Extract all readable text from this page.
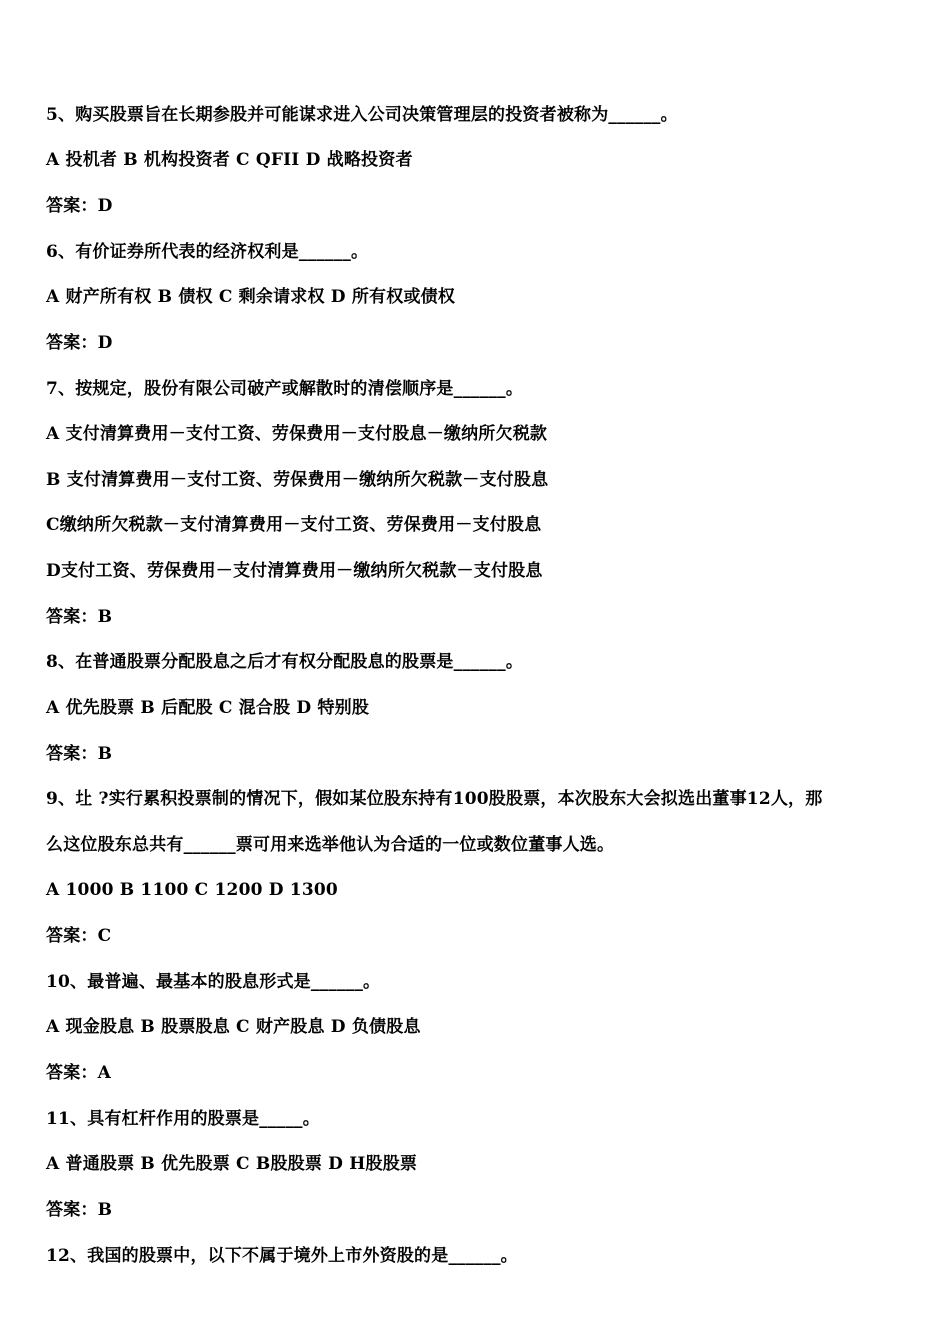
5、购买股票旨在长期参股并可能谋求进入公司决策管理层的投资者被称为______。
A 投机者 B 机构投资者 C QFII D 战略投资者
答案：D
6、有价证券所代表的经济权利是______。
A 财产所有权 B 债权 C 剩余请求权 D 所有权或债权
答案：D
7、按规定，股份有限公司破产或解散时的清偿顺序是______。
A 支付清算费用－支付工资、劳保费用－支付股息－缴纳所欠税款
B 支付清算费用－支付工资、劳保费用－缴纳所欠税款－支付股息
C缴纳所欠税款－支付清算费用－支付工资、劳保费用－支付股息
D支付工资、劳保费用－支付清算费用－缴纳所欠税款－支付股息
答案：B
8、在普通股票分配股息之后才有权分配股息的股票是______。
A 优先股票 B 后配股 C 混合股 D 特别股
答案：B
9、圵 ?实行累积投票制的情况下，假如某位股东持有100股股票，本次股东大会拟选出董事12人，那
么这位股东总共有______票可用来选举他认为合适的一位或数位董事人选。
A 1000 B 1100 C 1200 D 1300
答案：C
10、最普遍、最基本的股息形式是______。
A 现金股息 B 股票股息 C 财产股息 D 负债股息
答案：A
11、具有杠杆作用的股票是_____。
A 普通股票 B 优先股票 C B股股票 D H股股票
答案：B
12、我国的股票中，以下不属于境外上市外资股的是______。
